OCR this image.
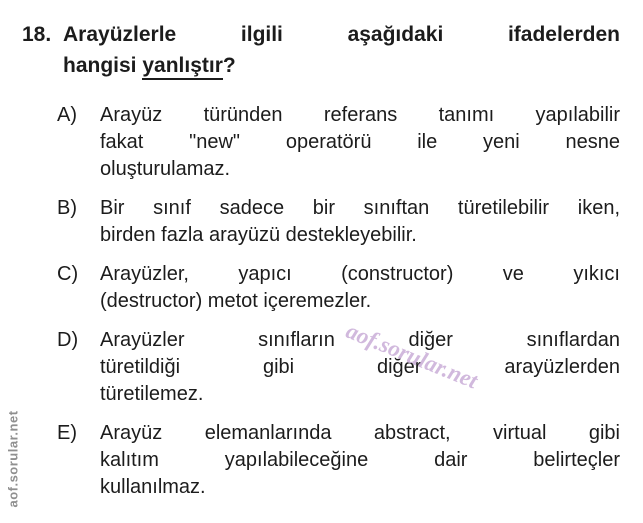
18. Arayüzlerle ilgili aşağıdaki ifadelerden
hangisi yanlıştır?
A)	Arayüz türünden referans tanımı yapılabilir
fakat "new" operatörü ile yeni nesne
oluşturulamaz.
B)	Bir sınıf sadece bir sınıftan türetilebilir iken,
birden fazla arayüzü destekleyebilir.
C)	Arayüzler, yapıcı (constructor) ve yıkıcı
(destructor) metot içeremezler.
D)	Arayüzler sınıfların diğer sınıflardan
türetildiği gibi diğer arayüzlerden
türetilemez.
E)	Arayüz elemanlarında abstract, virtual gibi
kalıtım yapılabileceğine dair belirteçler
kullanılmaz.
aof.sorular.net
aof.sorular.net
